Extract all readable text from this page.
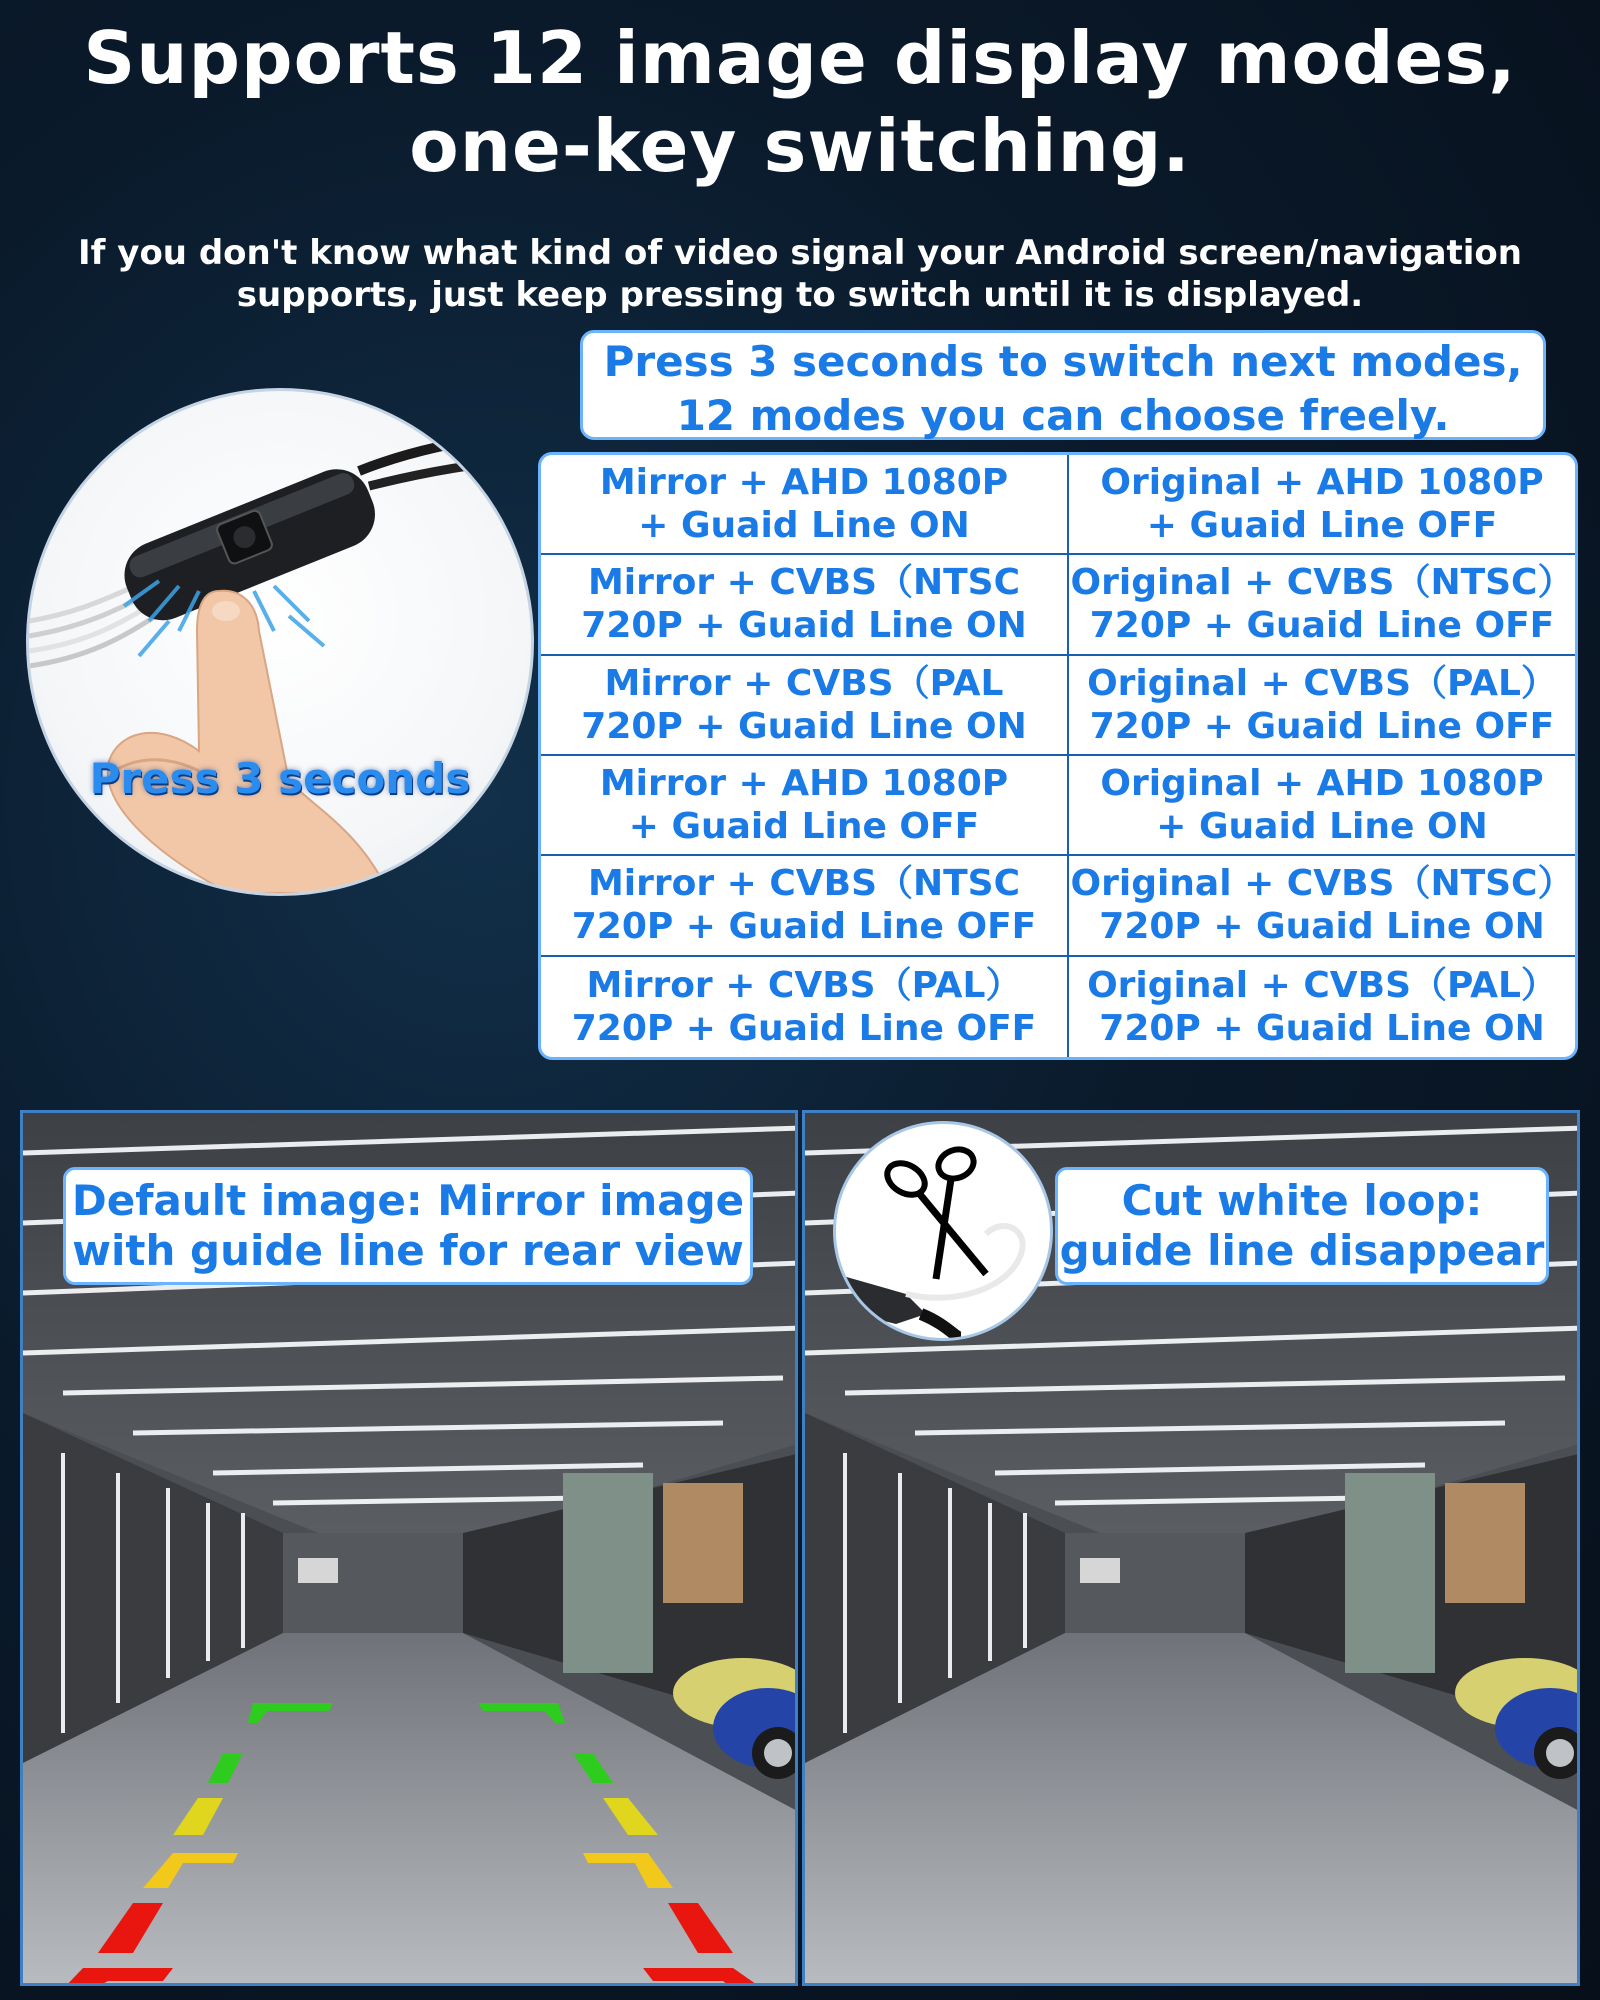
Supports 12 image display modes,
one-key switching.
If you don't know what kind of video signal your Android screen/navigation
supports, just keep pressing to switch until it is displayed.
Press 3 seconds
Press 3 seconds to switch next modes,
12 modes you can choose freely.
Mirror + AHD 1080P
+ Guaid Line ON
Original + AHD 1080P
+ Guaid Line OFF
Mirror + CVBS（NTSC
720P + Guaid Line ON
Original + CVBS（NTSC）
720P + Guaid Line OFF
Mirror + CVBS（PAL
720P + Guaid Line ON
Original + CVBS（PAL）
720P + Guaid Line OFF
Mirror + AHD 1080P
+ Guaid Line OFF
Original + AHD 1080P
+ Guaid Line ON
Mirror + CVBS（NTSC
720P + Guaid Line OFF
Original + CVBS（NTSC）
720P + Guaid Line ON
Mirror + CVBS（PAL）
720P + Guaid Line OFF
Original + CVBS（PAL）
720P + Guaid Line ON
Default image: Mirror image
with guide line for rear view
Cut white loop:
guide line disappear
